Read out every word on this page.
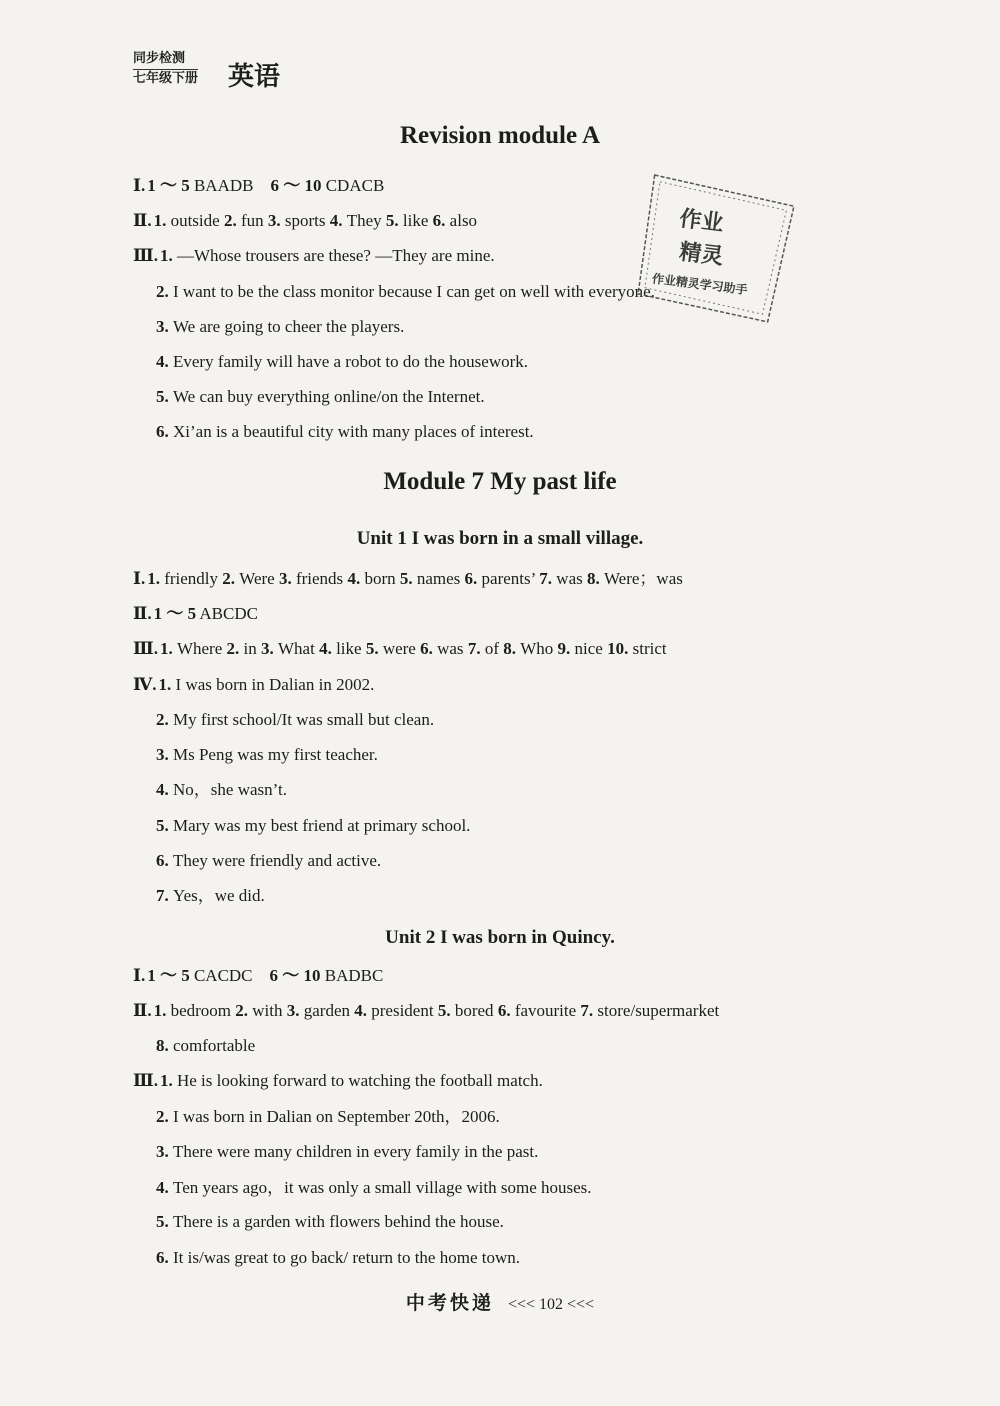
同步检测
七年级下册 英语
Revision module A
Ⅰ. 1 ～ 5 BAADB 6 ～ 10 CDACB
Ⅱ. 1. outside 2. fun 3. sports 4. They 5. like 6. also
Ⅲ. 1. —Whose trousers are these? —They are mine.
2. I want to be the class monitor because I can get on well with everyone.
3. We are going to cheer the players.
4. Every family will have a robot to do the housework.
5. We can buy everything online/on the Internet.
6. Xi’an is a beautiful city with many places of interest.
作业
精灵
作业精灵学习助手
Module 7 My past life
Unit 1 I was born in a small village.
Ⅰ. 1. friendly 2. Were 3. friends 4. born 5. names 6. parents’ 7. was 8. Were；was
Ⅱ. 1 ～ 5 ABCDC
Ⅲ. 1. Where 2. in 3. What 4. like 5. were 6. was 7. of 8. Who 9. nice 10. strict
Ⅳ. 1. I was born in Dalian in 2002.
2. My first school/It was small but clean.
3. Ms Peng was my first teacher.
4. No，she wasn’t.
5. Mary was my best friend at primary school.
6. They were friendly and active.
7. Yes，we did.
Unit 2 I was born in Quincy.
Ⅰ. 1 ～ 5 CACDC 6 ～ 10 BADBC
Ⅱ. 1. bedroom 2. with 3. garden 4. president 5. bored 6. favourite 7. store/supermarket
8. comfortable
Ⅲ. 1. He is looking forward to watching the football match.
2. I was born in Dalian on September 20th，2006.
3. There were many children in every family in the past.
4. Ten years ago，it was only a small village with some houses.
5. There is a garden with flowers behind the house.
6. It is/was great to go back/ return to the home town.
中考快递 <<< 102 <<<
